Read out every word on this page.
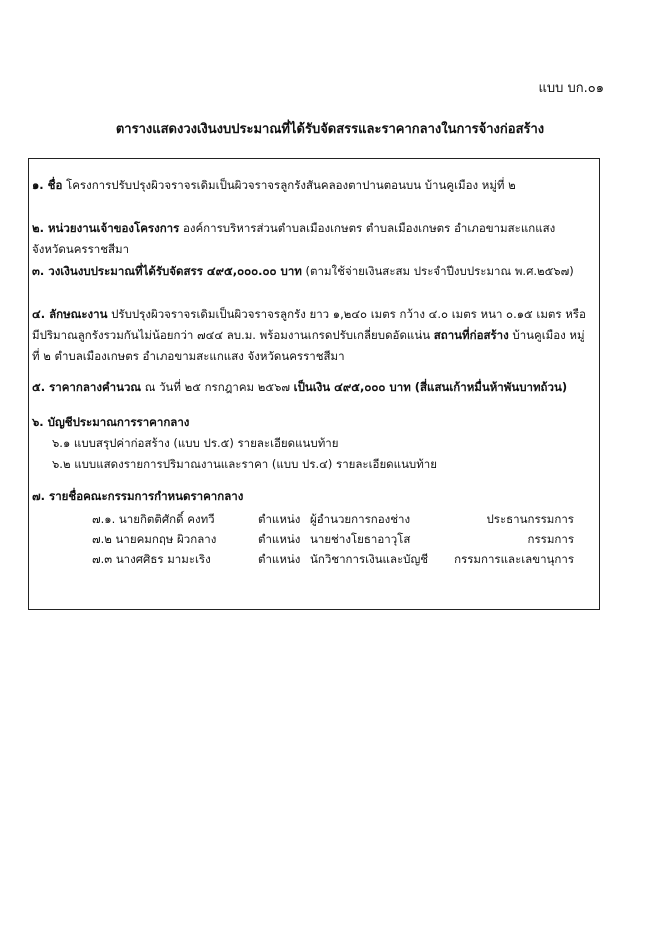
แบบ บก.๐๑
ตารางแสดงวงเงินงบประมาณที่ได้รับจัดสรรและราคากลางในการจ้างก่อสร้าง
๑. ชื่อ โครงการปรับปรุงผิวจราจรเดิมเป็นผิวจราจรลูกรังสันคลองตาปานตอนบน บ้านคูเมือง หมู่ที่ ๒
๒. หน่วยงานเจ้าของโครงการ องค์การบริหารส่วนตำบลเมืองเกษตร ตำบลเมืองเกษตร อำเภอขามสะแกแสง จังหวัดนครราชสีมา
๓. วงเงินงบประมาณที่ได้รับจัดสรร ๔๙๕,๐๐๐.๐๐ บาท (ตามใช้จ่ายเงินสะสม ประจำปีงบประมาณ พ.ศ.๒๕๖๗)
๔. ลักษณะงาน ปรับปรุงผิวจราจรเดิมเป็นผิวจราจรลูกรัง ยาว ๑,๒๔๐ เมตร กว้าง ๔.๐ เมตร หนา ๐.๑๕ เมตร หรือมีปริมาณลูกรังรวมกันไม่น้อยกว่า ๗๔๔ ลบ.ม. พร้อมงานเกรดปรับเกลี่ยบดอัดแน่น สถานที่ก่อสร้าง บ้านคูเมือง หมู่ที่ ๒ ตำบลเมืองเกษตร อำเภอขามสะแกแสง จังหวัดนครราชสีมา
๕. ราคากลางคำนวณ ณ วันที่ ๒๕ กรกฎาคม ๒๕๖๗ เป็นเงิน ๔๙๕,๐๐๐ บาท (สี่แสนเก้าหมื่นห้าพันบาทถ้วน)
๖. บัญชีประมาณการราคากลาง
๖.๑ แบบสรุปค่าก่อสร้าง (แบบ ปร.๕) รายละเอียดแนบท้าย
๖.๒ แบบแสดงรายการปริมาณงานและราคา (แบบ ปร.๔) รายละเอียดแนบท้าย
๗. รายชื่อคณะกรรมการกำหนดราคากลาง
๗.๑. นายกิตติศักดิ์ คงทวี	ตำแหน่ง ผู้อำนวยการกองช่าง	ประธานกรรมการ
๗.๒ นายคมกฤษ ผิวกลาง	ตำแหน่ง นายช่างโยธาอาวุโส	กรรมการ
๗.๓ นางศศิธร มามะเริง	ตำแหน่ง นักวิชาการเงินและบัญชี กรรมการและเลขานุการ
